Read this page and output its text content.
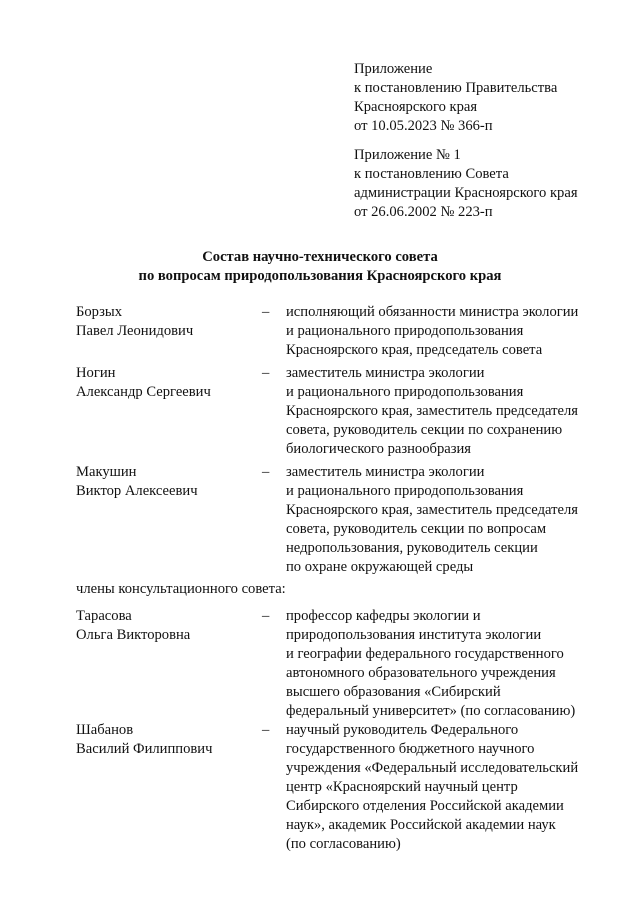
Приложение
к постановлению Правительства
Красноярского края
от 10.05.2023 № 366-п
Приложение № 1
к постановлению Совета
администрации Красноярского края
от 26.06.2002 № 223-п
Состав научно-технического совета
по вопросам природопользования Красноярского края
Борзых
Павел Леонидович
– исполняющий обязанности министра экологии
и рационального природопользования
Красноярского края, председатель совета
Ногин
Александр Сергеевич
– заместитель министра экологии
и рационального природопользования
Красноярского края, заместитель председателя
совета, руководитель секции по сохранению
биологического разнообразия
Макушин
Виктор Алексеевич
– заместитель министра экологии
и рационального природопользования
Красноярского края, заместитель председателя
совета, руководитель секции по вопросам
недропользования, руководитель секции
по охране окружающей среды
члены консультационного совета:
Тарасова
Ольга Викторовна
– профессор кафедры экологии и
природопользования института экологии
и географии федерального государственного
автономного образовательного учреждения
высшего образования «Сибирский
федеральный университет» (по согласованию)
Шабанов
Василий Филиппович
– научный руководитель Федерального
государственного бюджетного научного
учреждения «Федеральный исследовательский
центр «Красноярский научный центр
Сибирского отделения Российской академии
наук», академик Российской академии наук
(по согласованию)
